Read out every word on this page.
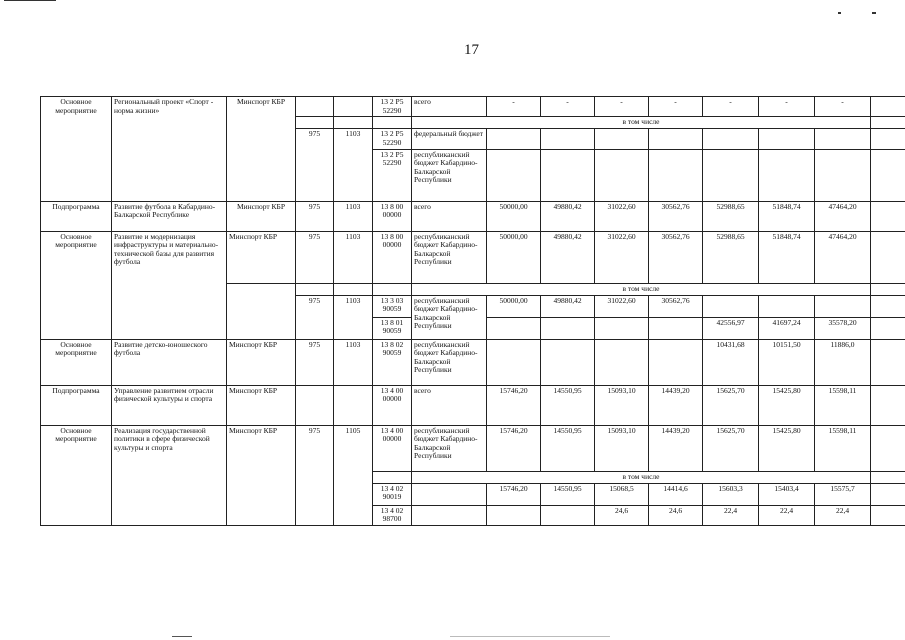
17
Основное мероприятие	Региональный проект «Спорт - норма жизни»	Минспорт КБР			13 2 P5 52290	всего	-	-	-	-	-	-	-	
						в том числе								
			975	1103	13 2 P5 52290	федеральный бюджет								
					13 2 P5 52290	республиканский бюджет Кабардино-Балкарской Республики								
Подпрограмма	Развитие футбола в Кабардино-Балкарской Республике	Минспорт КБР	975	1103	13 8 00 00000	всего	50000,00	49880,42	31022,60	30562,76	52988,65	51848,74	47464,20	
Основное мероприятие	Развитие и модернизация инфраструктуры и материально-технической базы для развития футбола	Минспорт КБР	975	1103	13 8 00 00000	республиканский бюджет Кабардино-Балкарской Республики	50000,00	49880,42	31022,60	30562,76	52988,65	51848,74	47464,20	
						в том числе								
			975	1103	13 3 03 90059	республиканский бюджет Кабардино-Балкарской Республики	50000,00	49880,42	31022,60	30562,76				
					13 8 01 90059						42556,97	41697,24	35578,20	

Основное мероприятие	Развитие детско-юношеского футбола	Минспорт КБР	975	1103	13 8 02 90059	республиканский бюджет Кабардино-Балкарской Республики					10431,68	10151,50	11886,0	
Подпрограмма	Управление развитием отрасли физической культуры и спорта	Минспорт КБР			13 4 00 00000	всего	15746,20	14550,95	15093,10	14439,20	15625,70	15425,80	15598,11	
Основное мероприятие	Реализация государственной политики в сфере физической культуры и спорта	Минспорт КБР	975	1105	13 4 00 00000	республиканский бюджет Кабардино-Балкарской Республики	15746,20	14550,95	15093,10	14439,20	15625,70	15425,80	15598,11	
						в том числе								
					13 4 02 90019		15746,20	14550,95	15068,5	14414,6	15603,3	15403,4	15575,7	
					13 4 02 98700				24,6	24,6	22,4	22,4	22,4	
